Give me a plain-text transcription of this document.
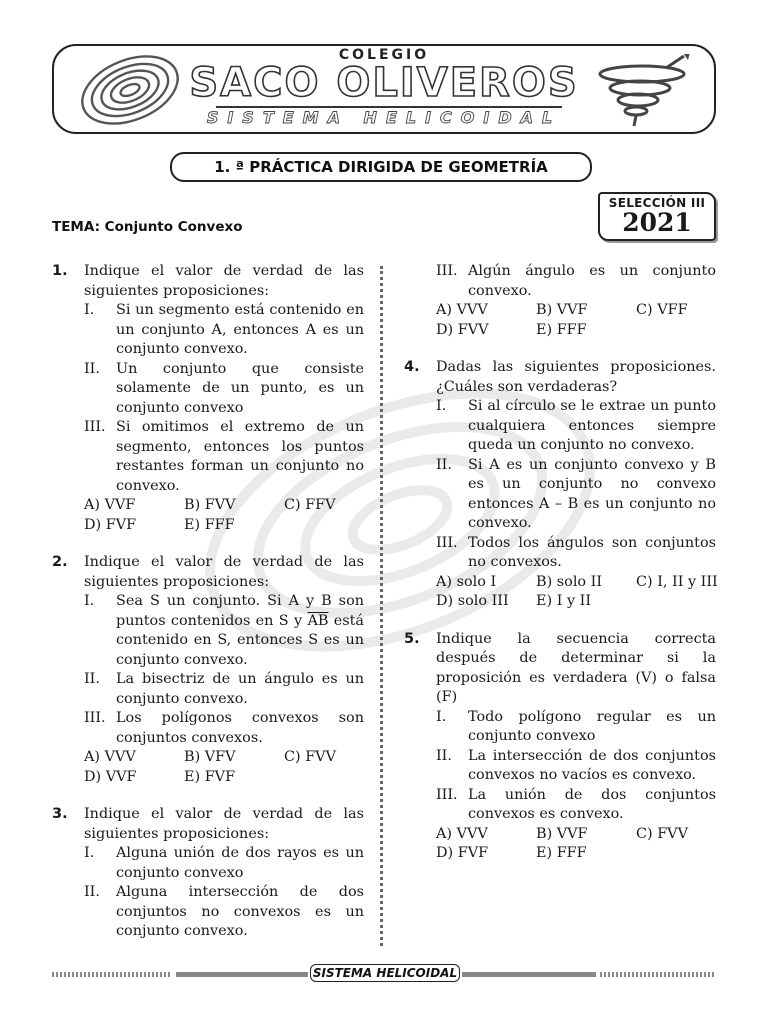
COLEGIO
SACO OLIVEROS
SISTEMA HELICOIDAL
1. ª PRÁCTICA DIRIGIDA DE GEOMETRÍA
TEMA: Conjunto Convexo
SELECCIÓN III
2021
1. Indique el valor de verdad de las siguientes proposiciones:
I. Si un segmento está contenido en un conjunto A, entonces A es un conjunto convexo.
II. Un conjunto que consiste solamente de un punto, es un conjunto convexo
III. Si omitimos el extremo de un segmento, entonces los puntos restantes forman un conjunto no convexo.
A) VVF	B) FVV	C) FFV
D) FVF	E) FFF
2. Indique el valor de verdad de las siguientes proposiciones:
I. Sea S un conjunto. Si A y B son puntos contenidos en S y $\overline{AB}$ está contenido en S, entonces S es un conjunto convexo.
II. La bisectriz de un ángulo es un conjunto convexo.
III. Los polígonos convexos son conjuntos convexos.
A) VVV	B) VFV	C) FVV
D) VVF	E) FVF
3. Indique el valor de verdad de las siguientes proposiciones:
I. Alguna unión de dos rayos es un conjunto convexo
II. Alguna intersección de dos conjuntos no convexos es un conjunto convexo.
III. Algún ángulo es un conjunto convexo.
A) VVV	B) VVF	C) VFF
D) FVV	E) FFF
4. Dadas las siguientes proposiciones. ¿Cuáles son verdaderas?
I. Si al círculo se le extrae un punto cualquiera entonces siempre queda un conjunto no convexo.
II. Si A es un conjunto convexo y B es un conjunto no convexo entonces A – B es un conjunto no convexo.
III. Todos los ángulos son conjuntos no convexos.
A) solo I	B) solo II	C) I, II y III
D) solo III	E) I y II
5. Indique la secuencia correcta después de determinar si la proposición es verdadera (V) o falsa (F)
I. Todo polígono regular es un conjunto convexo
II. La intersección de dos conjuntos convexos no vacíos es convexo.
III. La unión de dos conjuntos convexos es convexo.
A) VVV	B) VVF	C) FVV
D) FVF	E) FFF
SISTEMA HELICOIDAL
